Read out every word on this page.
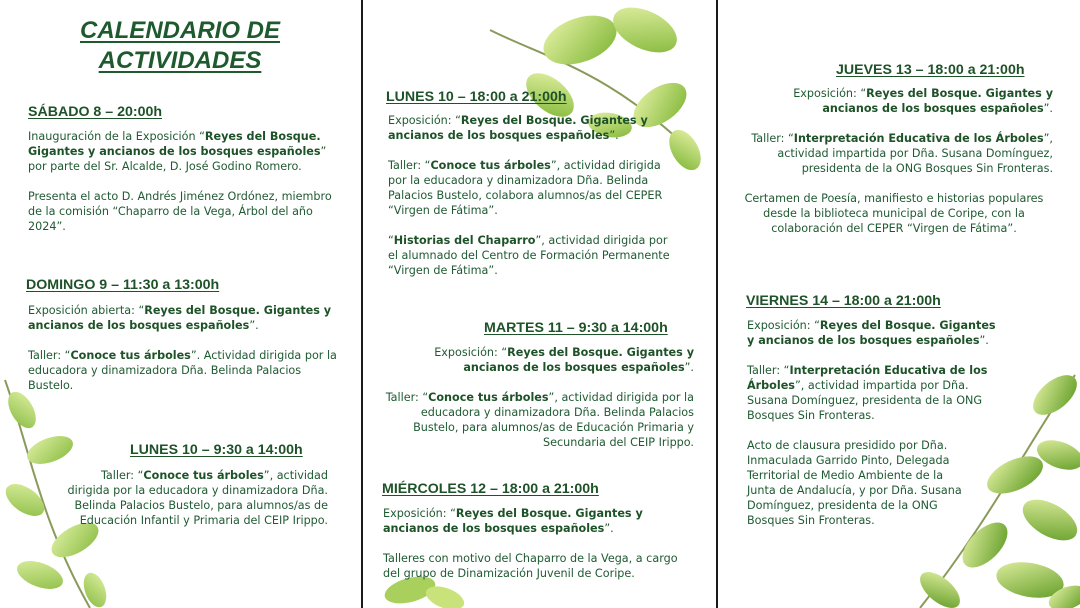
CALENDARIO DE ACTIVIDADES
SÁBADO 8 – 20:00h

Inauguración de la Exposición “Reyes del Bosque. Gigantes y ancianos de los bosques españoles” por parte del Sr. Alcalde, D. José Godino Romero.

Presenta el acto D. Andrés Jiménez Ordónez, miembro de la comisión “Chaparro de la Vega, Árbol del año 2024”.

DOMINGO 9 – 11:30 a 13:00h

Exposición abierta: “Reyes del Bosque. Gigantes y ancianos de los bosques españoles”.

Taller: “Conoce tus árboles”. Actividad dirigida por la educadora y dinamizadora Dña. Belinda Palacios Bustelo.

LUNES 10 – 9:30 a 14:00h

Taller: “Conoce tus árboles”, actividad dirigida por la educadora y dinamizadora Dña. Belinda Palacios Bustelo, para alumnos/as de Educación Infantil y Primaria del CEIP Irippo.

LUNES 10 – 18:00 a 21:00h

Exposición: “Reyes del Bosque. Gigantes y ancianos de los bosques españoles”.

Taller: “Conoce tus árboles”, actividad dirigida por la educadora y dinamizadora Dña. Belinda Palacios Bustelo, colabora alumnos/as del CEPER “Virgen de Fátima”.

“Historias del Chaparro”, actividad dirigida por el alumnado del Centro de Formación Permanente “Virgen de Fátima”.

MARTES 11 – 9:30 a 14:00h

Exposición: “Reyes del Bosque. Gigantes y ancianos de los bosques españoles”.

Taller: “Conoce tus árboles”, actividad dirigida por la educadora y dinamizadora Dña. Belinda Palacios Bustelo, para alumnos/as de Educación Primaria y Secundaria del CEIP Irippo.

MIÉRCOLES 12 – 18:00 a 21:00h

Exposición: “Reyes del Bosque. Gigantes y ancianos de los bosques españoles”.

Talleres con motivo del Chaparro de la Vega, a cargo del grupo de Dinamización Juvenil de Coripe.

JUEVES 13 – 18:00 a 21:00h

Exposición: “Reyes del Bosque. Gigantes y ancianos de los bosques españoles”.

Taller: “Interpretación Educativa de los Árboles”, actividad impartida por Dña. Susana Domínguez, presidenta de la ONG Bosques Sin Fronteras.

Certamen de Poesía, manifiesto e historias populares desde la biblioteca municipal de Coripe, con la colaboración del CEPER “Virgen de Fátima”.

VIERNES 14 – 18:00 a 21:00h

Exposición: “Reyes del Bosque. Gigantes y ancianos de los bosques españoles”.

Taller: “Interpretación Educativa de los Árboles”, actividad impartida por Dña. Susana Domínguez, presidenta de la ONG Bosques Sin Fronteras.

Acto de clausura presidido por Dña. Inmaculada Garrido Pinto, Delegada Territorial de Medio Ambiente de la Junta de Andalucía, y por Dña. Susana Domínguez, presidenta de la ONG Bosques Sin Fronteras.
